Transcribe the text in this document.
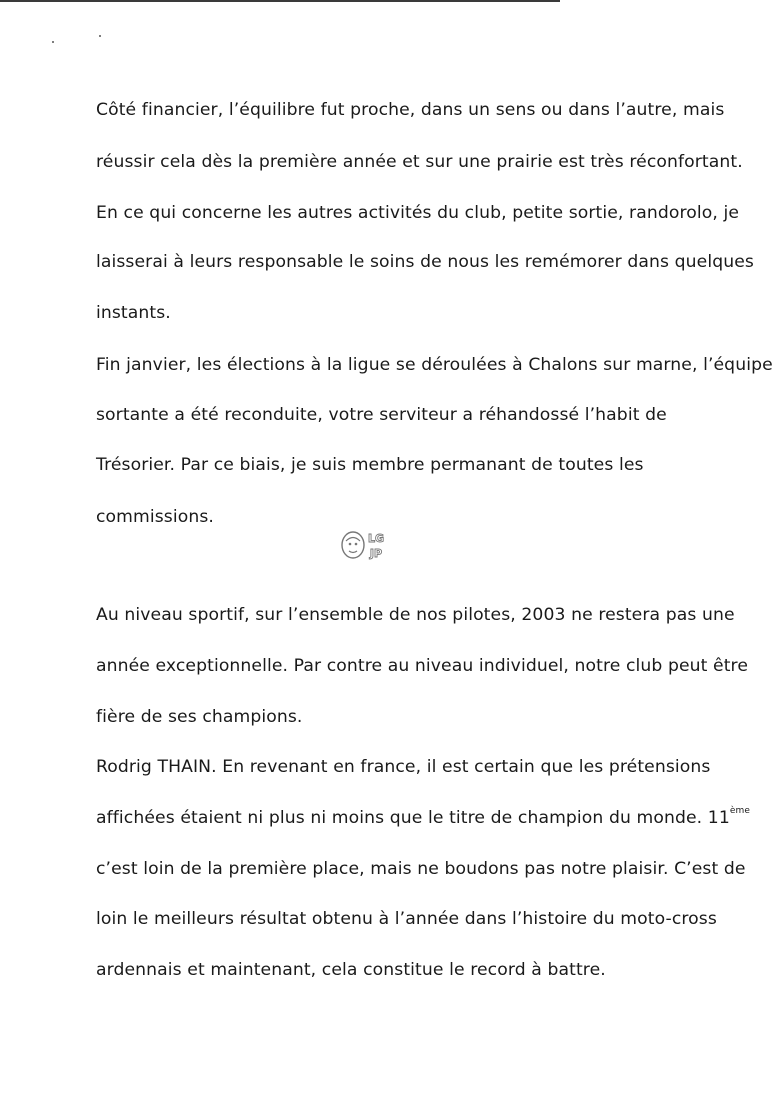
Côté financier, l’équilibre fut proche, dans un sens ou dans l’autre, mais
réussir cela dès la première année et sur une prairie est très réconfortant.
En ce qui concerne les autres activités du club, petite sortie, randorolo, je
laisserai à leurs responsable le soins de nous les remémorer dans quelques
instants.
Fin janvier, les élections à la ligue se déroulées à Chalons sur marne, l’équipe
sortante a été reconduite, votre serviteur a réhandossé l’habit de
Trésorier. Par ce biais, je suis membre permanant de toutes les
commissions.
LG
JP
Au niveau sportif, sur l’ensemble de nos pilotes, 2003 ne restera pas une
année exceptionnelle. Par contre au niveau individuel, notre club peut être
fière de ses champions.
Rodrig THAIN. En revenant en france, il est certain que les prétensions
affichées étaient ni plus ni moins que le titre de champion du monde. 11ème
c’est loin de la première place, mais ne boudons pas notre plaisir. C’est de
loin le meilleurs résultat obtenu à l’année dans l’histoire du moto-cross
ardennais et maintenant, cela constitue le record à battre.
